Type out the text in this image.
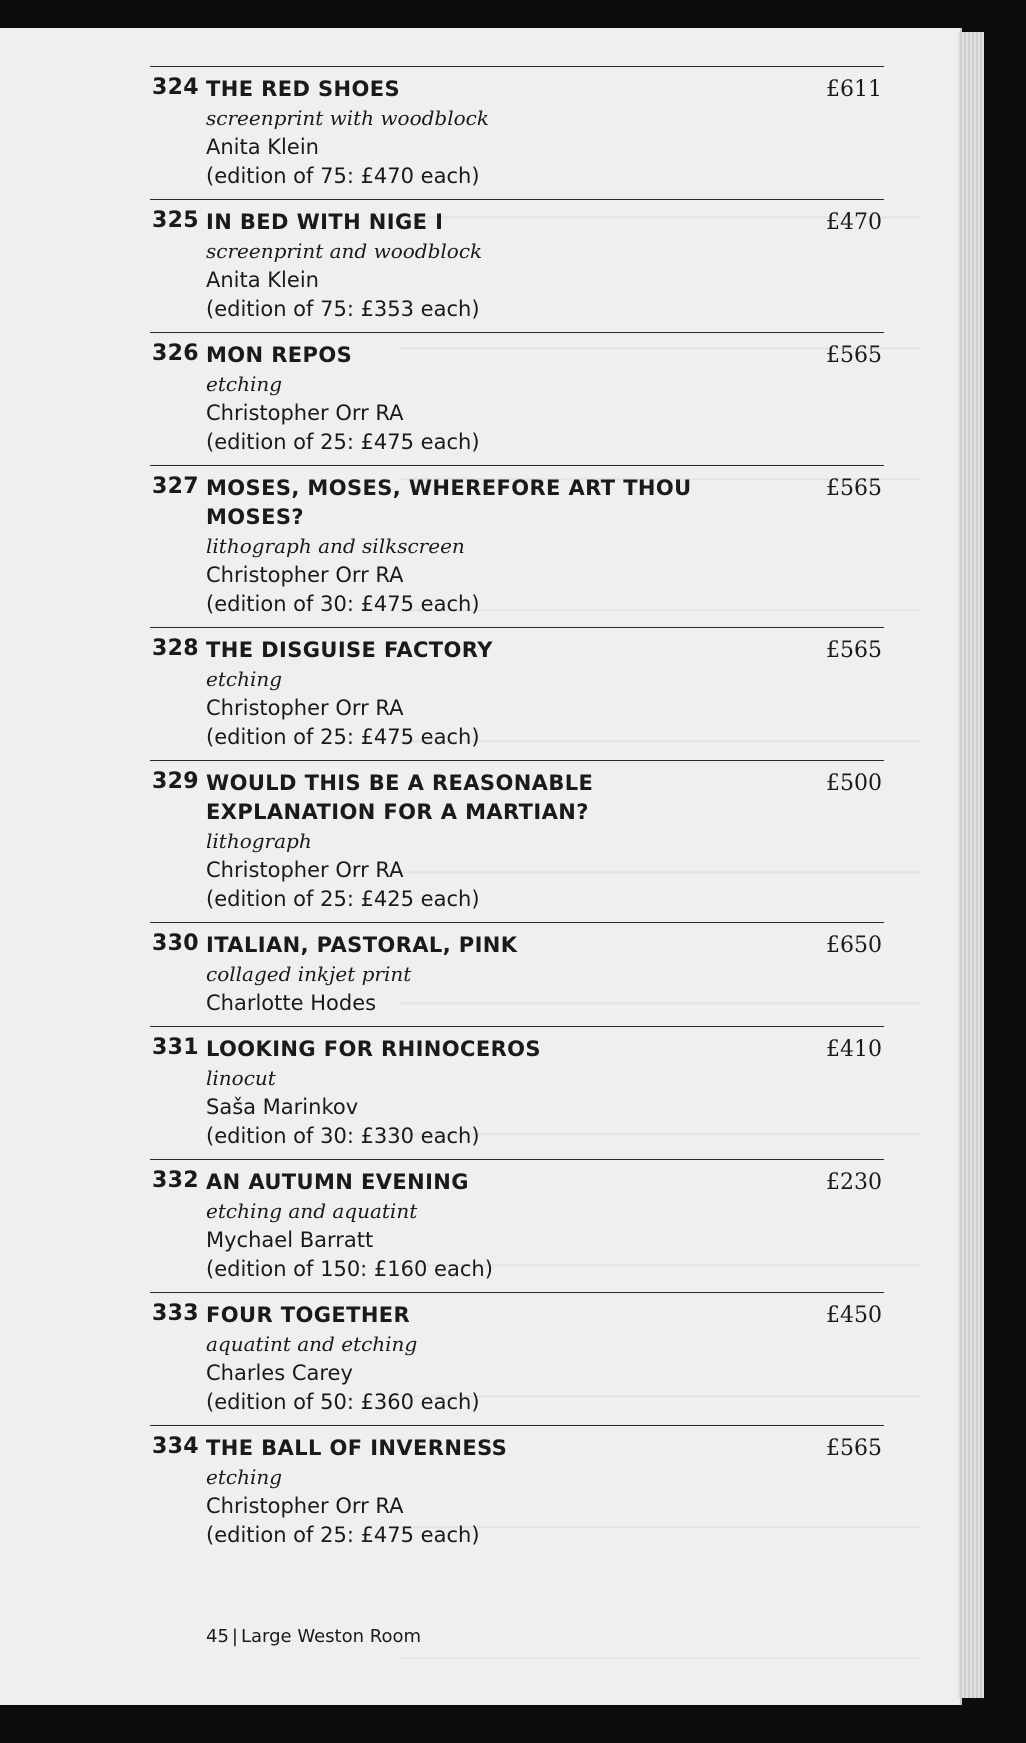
324	£611
THE RED SHOES
screenprint with woodblock
Anita Klein
(edition of 75: £470 each)
325	£470
IN BED WITH NIGE I
screenprint and woodblock
Anita Klein
(edition of 75: £353 each)
326	£565
MON REPOS
etching
Christopher Orr RA
(edition of 25: £475 each)
327	£565
MOSES, MOSES, WHEREFORE ART THOU MOSES?
lithograph and silkscreen
Christopher Orr RA
(edition of 30: £475 each)
328	£565
THE DISGUISE FACTORY
etching
Christopher Orr RA
(edition of 25: £475 each)
329	£500
WOULD THIS BE A REASONABLE EXPLANATION FOR A MARTIAN?
lithograph
Christopher Orr RA
(edition of 25: £425 each)
330	£650
ITALIAN, PASTORAL, PINK
collaged inkjet print
Charlotte Hodes
331	£410
LOOKING FOR RHINOCEROS
linocut
Saša Marinkov
(edition of 30: £330 each)
332	£230
AN AUTUMN EVENING
etching and aquatint
Mychael Barratt
(edition of 150: £160 each)
333	£450
FOUR TOGETHER
aquatint and etching
Charles Carey
(edition of 50: £360 each)
334	£565
THE BALL OF INVERNESS
etching
Christopher Orr RA
(edition of 25: £475 each)
45 | Large Weston Room
